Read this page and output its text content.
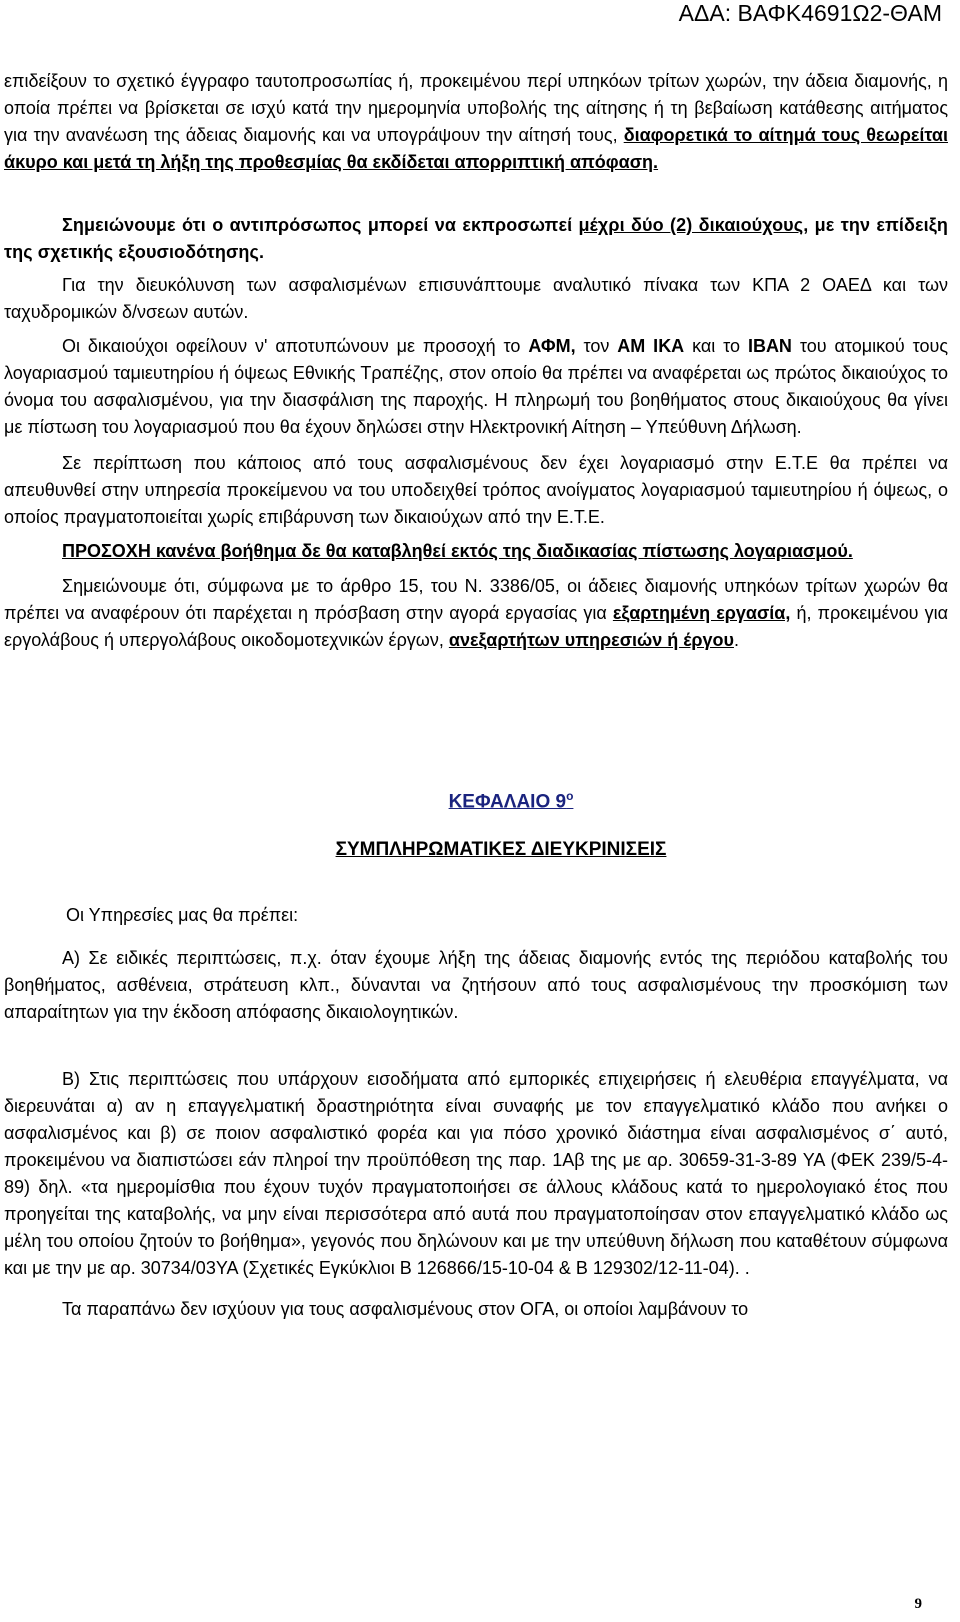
ΑΔΑ: ΒΑΦΚ4691Ω2-ΘΑΜ

επιδείξουν το σχετικό έγγραφο ταυτοπροσωπίας ή, προκειμένου περί υπηκόων τρίτων χωρών, την άδεια διαμονής, η οποία πρέπει να βρίσκεται σε ισχύ κατά την ημερομηνία υποβολής της αίτησης ή τη βεβαίωση κατάθεσης αιτήματος για την ανανέωση της άδειας διαμονής και να υπογράψουν την αίτησή τους, διαφορετικά το αίτημά τους θεωρείται άκυρο και μετά τη λήξη της προθεσμίας θα εκδίδεται απορριπτική απόφαση.

Σημειώνουμε ότι ο αντιπρόσωπος μπορεί να εκπροσωπεί μέχρι δύο (2) δικαιούχους, με την επίδειξη της σχετικής εξουσιοδότησης.

Για την διευκόλυνση των ασφαλισμένων επισυνάπτουμε αναλυτικό πίνακα των ΚΠΑ 2 ΟΑΕΔ και των ταχυδρομικών δ/νσεων αυτών.

Οι δικαιούχοι οφείλουν ν' αποτυπώνουν με προσοχή το ΑΦΜ, τον ΑΜ ΙΚΑ και το IBAN του ατομικού τους λογαριασμού ταμιευτηρίου ή όψεως Εθνικής Τραπέζης, στον οποίο θα πρέπει να αναφέρεται ως πρώτος δικαιούχος το όνομα του ασφαλισμένου, για την διασφάλιση της παροχής. Η πληρωμή του βοηθήματος στους δικαιούχους θα γίνει με πίστωση του λογαριασμού που θα έχουν δηλώσει στην Ηλεκτρονική Αίτηση – Υπεύθυνη Δήλωση.

Σε περίπτωση που κάποιος από τους ασφαλισμένους δεν έχει λογαριασμό στην Ε.Τ.Ε θα πρέπει να απευθυνθεί στην υπηρεσία προκείμενου να του υποδειχθεί τρόπος ανοίγματος λογαριασμού ταμιευτηρίου ή όψεως, ο οποίος πραγματοποιείται χωρίς επιβάρυνση των δικαιούχων από την Ε.Τ.Ε.

ΠΡΟΣΟΧΗ κανένα βοήθημα δε θα καταβληθεί εκτός της διαδικασίας πίστωσης λογαριασμού.

Σημειώνουμε ότι, σύμφωνα με το άρθρο 15, του Ν. 3386/05, οι άδειες διαμονής υπηκόων τρίτων χωρών θα πρέπει να αναφέρουν ότι παρέχεται η πρόσβαση στην αγορά εργασίας για εξαρτημένη εργασία, ή, προκειμένου για εργολάβους ή υπεργολάβους οικοδομοτεχνικών έργων, ανεξαρτήτων υπηρεσιών ή έργου.

ΚΕΦΑΛΑΙΟ $9^o$
ΣΥΜΠΛΗΡΩΜΑΤΙΚΕΣ ΔΙΕΥΚΡΙΝΙΣΕΙΣ

Οι Υπηρεσίες μας θα πρέπει:

Α) Σε ειδικές περιπτώσεις, π.χ. όταν έχουμε λήξη της άδειας διαμονής εντός της περιόδου καταβολής του βοηθήματος, ασθένεια, στράτευση κλπ., δύνανται να ζητήσουν από τους ασφαλισμένους την προσκόμιση των απαραίτητων για την έκδοση απόφασης δικαιολογητικών.

Β) Στις περιπτώσεις που υπάρχουν εισοδήματα από εμπορικές επιχειρήσεις ή ελευθέρια επαγγέλματα, να διερευνάται α) αν η επαγγελματική δραστηριότητα είναι συναφής με τον επαγγελματικό κλάδο που ανήκει ο ασφαλισμένος και β) σε ποιον ασφαλιστικό φορέα και για πόσο χρονικό διάστημα είναι ασφαλισμένος σ΄ αυτό, προκειμένου να διαπιστώσει εάν πληροί την προϋπόθεση της παρ. 1Αβ της με αρ. 30659-31-3-89 ΥΑ (ΦΕΚ 239/5-4-89) δηλ. «τα ημερομίσθια που έχουν τυχόν πραγματοποιήσει σε άλλους κλάδους κατά το ημερολογιακό έτος που προηγείται της καταβολής, να μην είναι περισσότερα από αυτά που πραγματοποίησαν στον επαγγελματικό κλάδο ως μέλη του οποίου ζητούν το βοήθημα», γεγονός που δηλώνουν και με την υπεύθυνη δήλωση που καταθέτουν σύμφωνα και με την με αρ. 30734/03ΥΑ (Σχετικές Εγκύκλιοι Β 126866/15-10-04 & Β 129302/12-11-04). .

Τα παραπάνω δεν ισχύουν για τους ασφαλισμένους στον ΟΓΑ, οι οποίοι λαμβάνουν το

9
